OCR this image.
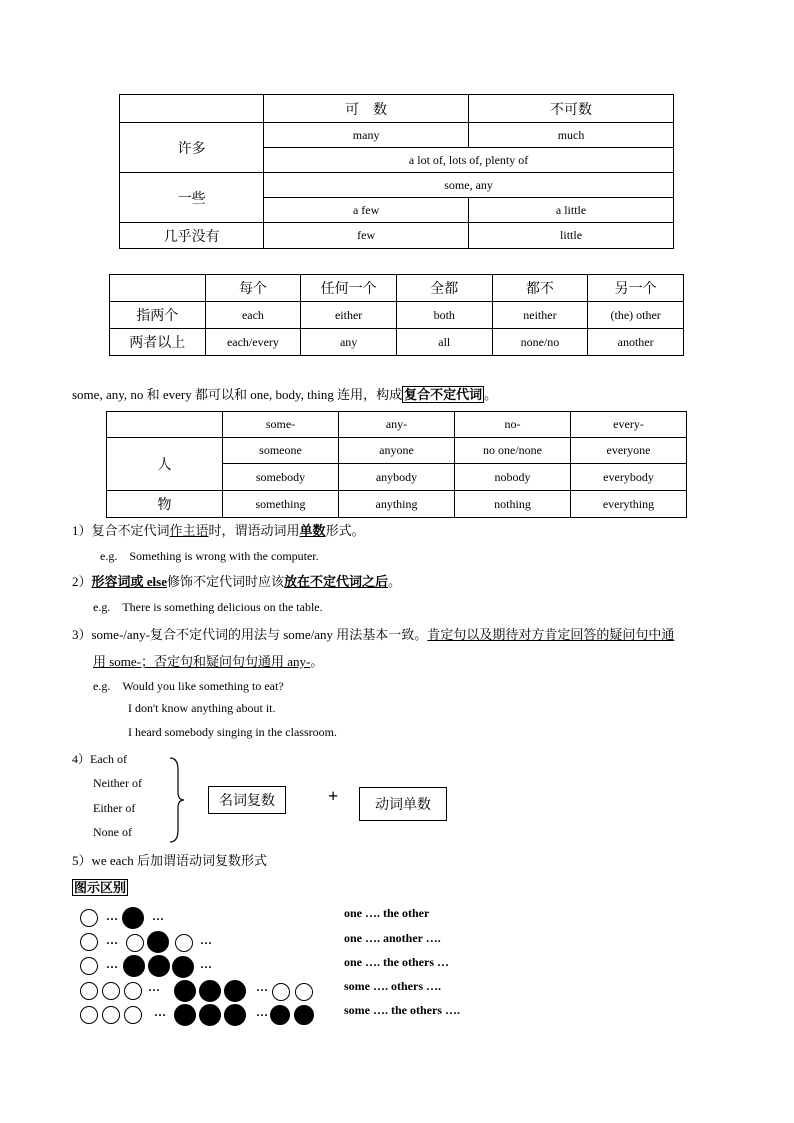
	可　数	不可数
许多	many	much
	a lot of, lots of, plenty of	
一些	some, any	
	a few	a little
几乎没有	few	little
	每个	任何一个	全都	都不	另一个
指两个	each	either	both	neither	(the) other
两者以上	each/every	any	all	none/no	another
some, any, no 和 every 都可以和 one, body, thing 连用，构成 复合不定代词 。
	some-	any-	no-	every-
人	someone	anyone	no one/none	everyone
	somebody	anybody	nobody	everybody
物	something	anything	nothing	everything
1）复合不定代词作主语时，谓语动词用单数形式。
e.g.　Something is wrong with the computer.
2）形容词或 else修饰不定代词时应该放在不定代词之后。
e.g.　There is something delicious on the table.
3）some-/any-复合不定代词的用法与 some/any 用法基本一致。肯定句以及期待对方肯定回答的疑问句中通
用 some-；否定句和疑问句句通用 any-。
e.g.　Would you like something to eat?
I don't know anything about it.
I heard somebody singing in the classroom.
4）Each of
Neither of
Either of
None of
名词复数	+	动词单数
5）we each 后加谓语动词复数形式
图示区别
…	…	one …. the other
…	…	one …. another ….
…	…	one …. the others …
…	…	some …. others ….
…	…	some …. the others ….
